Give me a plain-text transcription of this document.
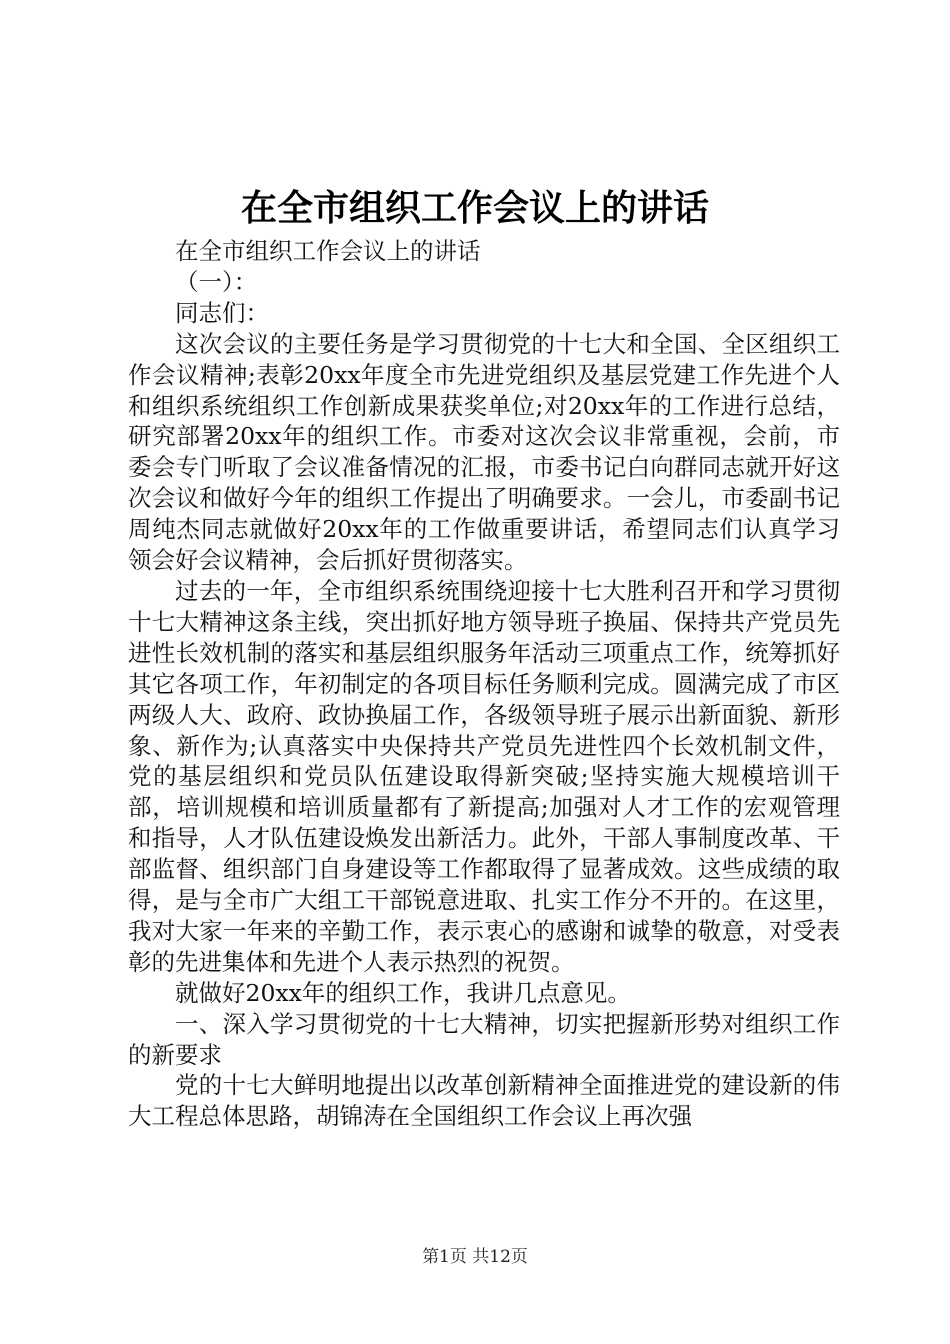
在全市组织工作会议上的讲话

在全市组织工作会议上的讲话

（一）：

同志们：

这次会议的主要任务是学习贯彻党的十七大和全国、全区组织工作会议精神;表彰20xx年度全市先进党组织及基层党建工作先进个人和组织系统组织工作创新成果获奖单位;对20xx年的工作进行总结，研究部署20xx年的组织工作。市委对这次会议非常重视，会前，市委会专门听取了会议准备情况的汇报，市委书记白向群同志就开好这次会议和做好今年的组织工作提出了明确要求。一会儿，市委副书记周纯杰同志就做好20xx年的工作做重要讲话，希望同志们认真学习领会好会议精神，会后抓好贯彻落实。

过去的一年，全市组织系统围绕迎接十七大胜利召开和学习贯彻十七大精神这条主线，突出抓好地方领导班子换届、保持共产党员先进性长效机制的落实和基层组织服务年活动三项重点工作，统筹抓好其它各项工作，年初制定的各项目标任务顺利完成。圆满完成了市区两级人大、政府、政协换届工作，各级领导班子展示出新面貌、新形象、新作为;认真落实中央保持共产党员先进性四个长效机制文件，党的基层组织和党员队伍建设取得新突破;坚持实施大规模培训干部，培训规模和培训质量都有了新提高;加强对人才工作的宏观管理和指导，人才队伍建设焕发出新活力。此外，干部人事制度改革、干部监督、组织部门自身建设等工作都取得了显著成效。这些成绩的取得，是与全市广大组工干部锐意进取、扎实工作分不开的。在这里，我对大家一年来的辛勤工作，表示衷心的感谢和诚挚的敬意，对受表彰的先进集体和先进个人表示热烈的祝贺。

就做好20xx年的组织工作，我讲几点意见。

一、深入学习贯彻党的十七大精神，切实把握新形势对组织工作的新要求

党的十七大鲜明地提出以改革创新精神全面推进党的建设新的伟大工程总体思路，胡锦涛在全国组织工作会议上再次强

第1页 共12页
